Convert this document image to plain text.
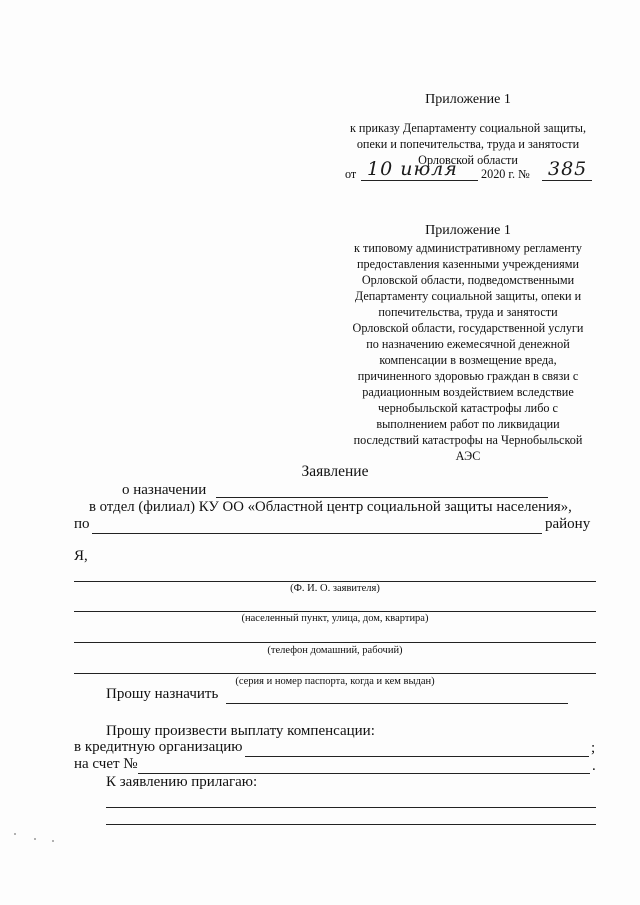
Приложение 1
к приказу Департаменту социальной защиты,
опеки и попечительства, труда и занятости
Орловской области
от 10 июля 2020 г. № 385
Приложение 1
к типовому административному регламенту
предоставления казенными учреждениями
Орловской области, подведомственными
Департаменту социальной защиты, опеки и
попечительства, труда и занятости
Орловской области, государственной услуги
по назначению ежемесячной денежной
компенсации в возмещение вреда,
причиненного здоровью граждан в связи с
радиационным воздействием вследствие
чернобыльской катастрофы либо с
выполнением работ по ликвидации
последствий катастрофы на Чернобыльской
АЭС
Заявление
о назначении
в отдел (филиал) КУ ОО «Областной центр социальной защиты населения»,
по	району
Я,
(Ф. И. О. заявителя)
(населенный пункт, улица, дом, квартира)
(телефон домашний, рабочий)
(серия и номер паспорта, когда и кем выдан)
Прошу назначить
Прошу произвести выплату компенсации:
в кредитную организацию	;
на счет №	.
К заявлению прилагаю:
